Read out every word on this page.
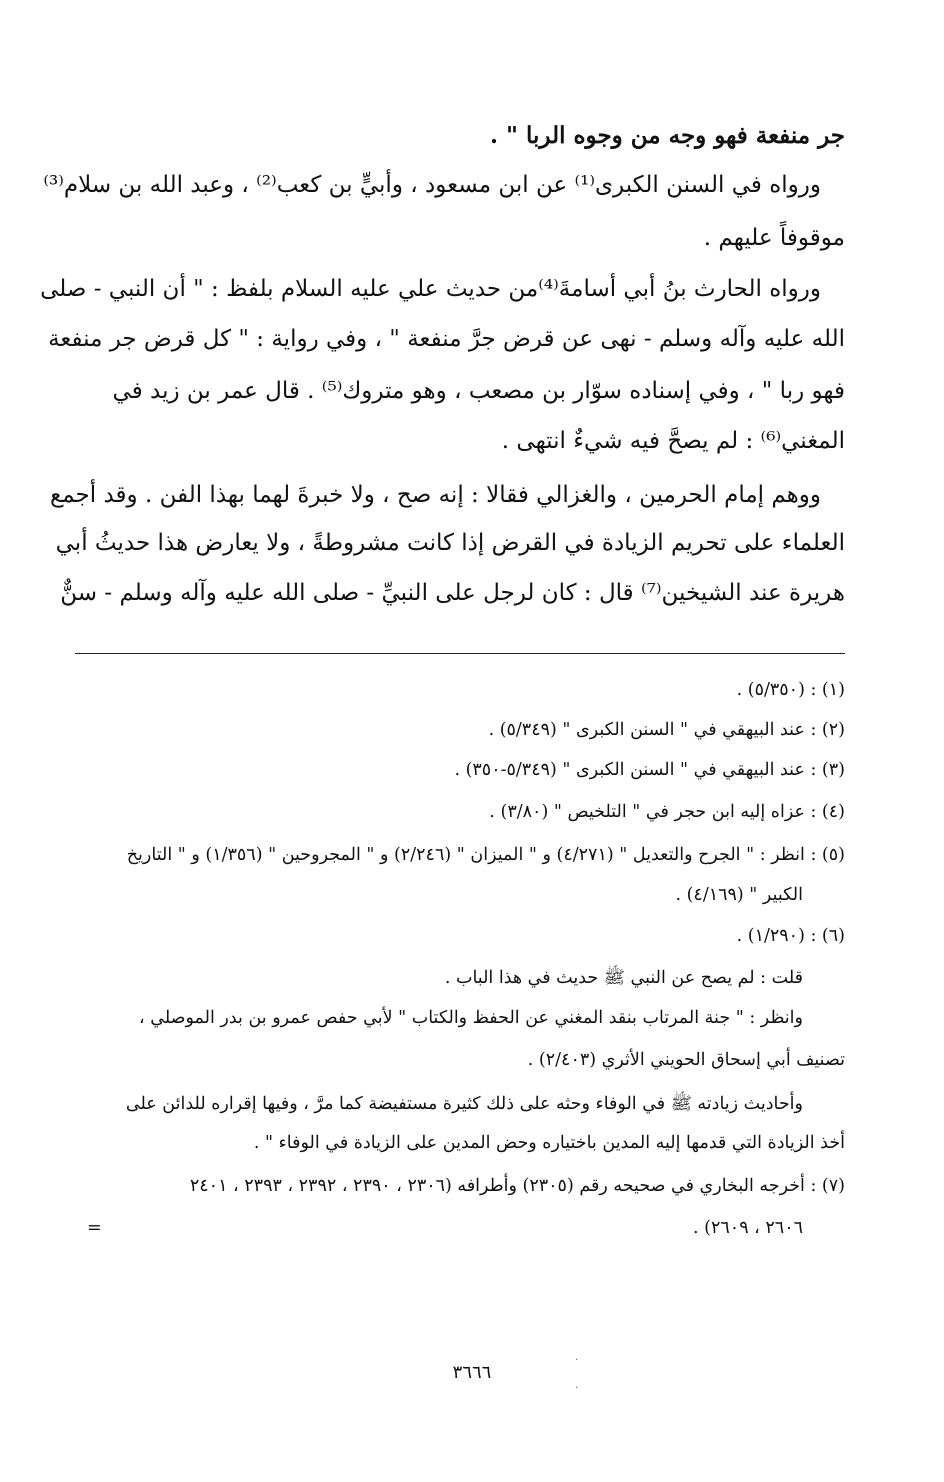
جر منفعة فهو وجه من وجوه الربا " .
ورواه في السنن الكبرى⁽¹⁾ عن ابن مسعود ، وأبيٍّ بن كعب⁽²⁾ ، وعبد الله بن سلام⁽³⁾
موقوفاً عليهم .
ورواه الحارث بنُ أبي أسامةَ⁽⁴⁾من حديث علي عليه السلام بلفظ : " أن النبي - صلى
الله عليه وآله وسلم - نهى عن قرض جرَّ منفعة " ، وفي رواية : " كل قرض جر منفعة
فهو ربا " ، وفي إسناده سوّار بن مصعب ، وهو متروك⁽⁵⁾ . قال عمر بن زيد في
المغني⁽⁶⁾ : لم يصحَّ فيه شيءٌ انتهى .
ووهم إمام الحرمين ، والغزالي فقالا : إنه صح ، ولا خبرةَ لهما بهذا الفن . وقد أجمع
العلماء على تحريم الزيادة في القرض إذا كانت مشروطةً ، ولا يعارض هذا حديثُ أبي
هريرة عند الشيخين⁽⁷⁾ قال : كان لرجل على النبيِّ - صلى الله عليه وآله وسلم - سنٌّ
(١) : (٥/٣٥٠) .
(٢) : عند البيهقي في " السنن الكبرى " (٥/٣٤٩) .
(٣) : عند البيهقي في " السنن الكبرى " (٥/٣٤٩-٣٥٠) .
(٤) : عزاه إليه ابن حجر في " التلخيص " (٣/٨٠) .
(٥) : انظر : " الجرح والتعديل " (٤/٢٧١) و " الميزان " (٢/٢٤٦) و " المجروحين " (١/٣٥٦) و " التاريخ
الكبير " (٤/١٦٩) .
(٦) : (١/٢٩٠) .
قلت : لم يصح عن النبي ﷺ حديث في هذا الباب .
وانظر : " جنة المرتاب بنقد المغني عن الحفظ والكتاب " لأبي حفص عمرو بن بدر الموصلي ،
تصنيف أبي إسحاق الحويني الأثري (٢/٤٠٣) .
وأحاديث زيادته ﷺ في الوفاء وحثه على ذلك كثيرة مستفيضة كما مرَّ ، وفيها إقراره للدائن على
أخذ الزيادة التي قدمها إليه المدين باختياره وحض المدين على الزيادة في الوفاء " .
(٧) : أخرجه البخاري في صحيحه رقم (٢٣٠٥) وأطرافه (٢٣٠٦ ، ٢٣٩٠ ، ٢٣٩٢ ، ٢٣٩٣ ، ٢٤٠١
٢٦٠٦ ، ٢٦٠٩) .
=
٣٦٦٦
·
·
